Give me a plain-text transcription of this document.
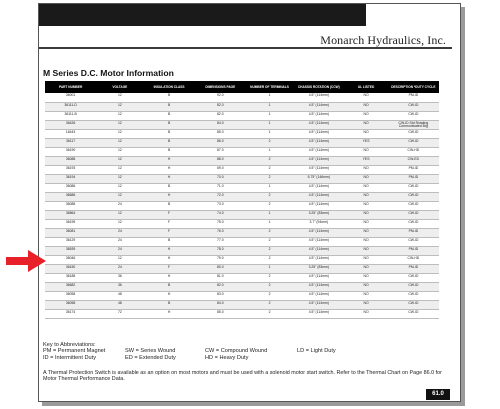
Monarch Hydraulics, Inc.
M Series D.C. Motor Information
PART NUMBER	VOLTAGE	INSULATION CLASS	DIMENSIONS PAGE	NUMBER OF TERMINALS	CHASSIS ROTATION (CCW)	UL LISTED	DESCRIPTION *DUTY CYCLE
36001	12	B	92.0	1	4.5" (114mm)	NO	PM-ID
36111-D	12	B	82.0	1	4.5" (114mm)	NO	CW-ID
36111-B	12	B	82.0	1	4.5" (114mm)	NO	CW-ID
36426	12	B	84.0	1	4.5" (114mm)	NO	CW-ID Std Rotating Communicated Brg
16443	12	B	85.0	1	4.5" (114mm)	NO	CW-ID
36117	12	B	86.0	2	4.5" (114mm)	YES	CW-ID
36190	12	B	87.0	1	4.5" (114mm)	NO	CW-HD
36088	12	H	88.0	2	4.5" (114mm)	YES	CW-ED
36193	12	H	69.0	2	4.5" (114mm)	NO	PM-ID
36194	12	H	70.0	2	5.75" (146mm)	NO	PM-ID
36086	12	B	71.0	1	4.5" (114mm)	NO	CW-ID
36686	12	H	72.0	2	4.5" (114mm)	NO	CW-ID
36088	24	B	73.0	2	4.5" (114mm)	NO	CW-ID
36864	12	F	74.0	1	3.25" (83mm)	NO	CW-ID
36199	12	F	75.0	1	3.7" (94mm)	NO	CW-ID
36081	24	F	76.0	2	4.5" (114mm)	NO	PM-ID
36129	24	B	77.0	2	4.5" (114mm)	NO	CW-ID
36539	24	H	78.0	2	4.5" (114mm)	NO	PM-ID
36046	12	H	79.0	2	4.5" (114mm)	NO	CW-HD
36150	24	F	80.0	1	3.25" (83mm)	NO	PM-ID
36188	36	H	81.0	2	4.5" (114mm)	NO	CW-ID
36682	36	B	82.0	2	4.5" (114mm)	NO	CW-ID
36058	48	H	83.0	2	4.5" (114mm)	NO	CW-ID
36058	48	B	84.0	2	4.5" (114mm)	NO	CW-ID
36174	72	H	85.0	2	4.5" (114mm)	NO	CW-ID
Key to Abbreviations:
PM = Permanent Magnet	SW = Series Wound	CW = Compound Wound	LD = Light Duty
ID = Intermittent Duty	ED = Extended Duty	HD = Heavy Duty
A Thermal Protection Switch is available as an option on most motors and must be used with a solenoid motor start switch. Refer to the Thermal Chart on Page 86.0 for Motor Thermal Performance Data.
61.0
